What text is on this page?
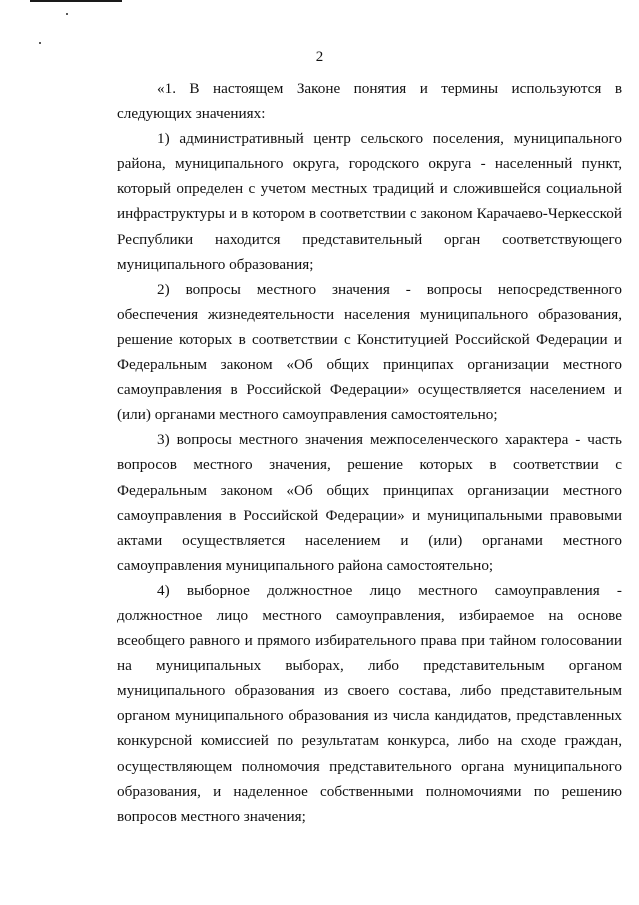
2

«1. В настоящем Законе понятия и термины используются в следующих значениях:

1) административный центр сельского поселения, муниципального района, муниципального округа, городского округа - населенный пункт, который определен с учетом местных традиций и сложившейся социальной инфраструктуры и в котором в соответствии с законом Карачаево-Черкесской Республики находится представительный орган соответствующего муниципального образования;

2) вопросы местного значения - вопросы непосредственного обеспечения жизнедеятельности населения муниципального образования, решение которых в соответствии с Конституцией Российской Федерации и Федеральным законом «Об общих принципах организации местного самоуправления в Российской Федерации» осуществляется населением и (или) органами местного самоуправления самостоятельно;

3) вопросы местного значения межпоселенческого характера - часть вопросов местного значения, решение которых в соответствии с Федеральным законом «Об общих принципах организации местного самоуправления в Российской Федерации» и муниципальными правовыми актами осуществляется населением и (или) органами местного самоуправления муниципального района самостоятельно;

4) выборное должностное лицо местного самоуправления - должностное лицо местного самоуправления, избираемое на основе всеобщего равного и прямого избирательного права при тайном голосовании на муниципальных выборах, либо представительным органом муниципального образования из своего состава, либо представительным органом муниципального образования из числа кандидатов, представленных конкурсной комиссией по результатам конкурса, либо на сходе граждан, осуществляющем полномочия представительного органа муниципального образования, и наделенное собственными полномочиями по решению вопросов местного значения;
